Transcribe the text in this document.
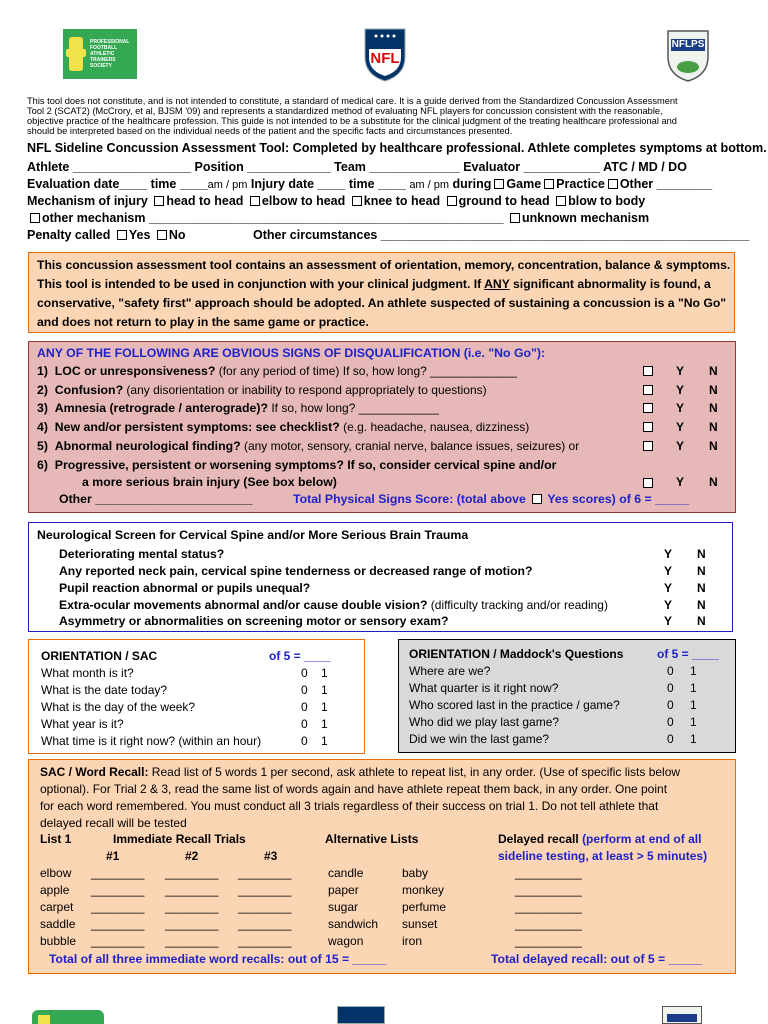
PROFESSIONAL FOOTBALL ATHLETIC TRAINERS SOCIETY	NFL
NFLPS
This tool does not constitute, and is not intended to constitute, a standard of medical care. It is a guide derived from the Standardized Concussion Assessment
Tool 2 (SCAT2) (McCrory, et al, BJSM '09) and represents a standardized method of evaluating NFL players for concussion consistent with the reasonable,
objective practice of the healthcare profession. This guide is not intended to be a substitute for the clinical judgment of the treating healthcare professional and
should be interpreted based on the individual needs of the patient and the specific facts and circumstances presented.
NFL Sideline Concussion Assessment Tool: Completed by healthcare professional. Athlete completes symptoms at bottom.
Athlete _________________ Position ____________ Team _____________ Evaluator ___________ ATC / MD / DO
Evaluation date____ time ____am / pm Injury date ____ time ____ am / pm during Game Practice Other ________
Mechanism of injury head to head elbow to head knee to head ground to head blow to body
other mechanism ___________________________________________________ unknown mechanism
Penalty called Yes No	Other circumstances _____________________________________________________
This concussion assessment tool contains an assessment of orientation, memory, concentration, balance & symptoms.
This tool is intended to be used in conjunction with your clinical judgment. If ANY significant abnormality is found, a
conservative, "safety first" approach should be adopted. An athlete suspected of sustaining a concussion is a "No Go"
and does not return to play in the same game or practice.
ANY OF THE FOLLOWING ARE OBVIOUS SIGNS OF DISQUALIFICATION (i.e. "No Go"):
1) LOC or unresponsiveness? (for any period of time) If so, how long? _____________	Y N
2) Confusion? (any disorientation or inability to respond appropriately to questions)	Y N
3) Amnesia (retrograde / anterograde)? If so, how long? ____________	Y N
4) New and/or persistent symptoms: see checklist? (e.g. headache, nausea, dizziness)	Y N
5) Abnormal neurological finding? (any motor, sensory, cranial nerve, balance issues, seizures) or	Y N
6) Progressive, persistent or worsening symptoms? If so, consider cervical spine and/or
a more serious brain injury (See box below)	Y N
Other _______________________	Total Physical Signs Score: (total above  Yes scores) of 6 = _____
Neurological Screen for Cervical Spine and/or More Serious Brain Trauma
Deteriorating mental status?	Y N
Any reported neck pain, cervical spine tenderness or decreased range of motion?	Y N
Pupil reaction abnormal or pupils unequal?	Y N
Extra-ocular movements abnormal and/or cause double vision? (difficulty tracking and/or reading)	Y N
Asymmetry or abnormalities on screening motor or sensory exam?	Y N
ORIENTATION / SAC	of 5 = ____
What month is it?	0 1
What is the date today?	0 1
What is the day of the week?	0 1
What year is it?	0 1
What time is it right now? (within an hour)	0 1
ORIENTATION / Maddock's Questions	of 5 = ____
Where are we?	0 1
What quarter is it right now?	0 1
Who scored last in the practice / game?	0 1
Who did we play last game?	0 1
Did we win the last game?	0 1
SAC / Word Recall: Read list of 5 words 1 per second, ask athlete to repeat list, in any order. (Use of specific lists below
optional). For Trial 2 & 3, read the same list of words again and have athlete repeat them back, in any order. One point
for each word remembered. You must conduct all 3 trials regardless of their success on trial 1. Do not tell athlete that
delayed recall will be tested
List 1	Immediate Recall Trials
#1	#2	#3
Alternative Lists	Delayed recall (perform at end of all
sideline testing, at least > 5 minutes)
elbow ________ ________ ________	candle	baby	__________
apple ________ ________ ________	paper	monkey	__________
carpet ________ ________ ________	sugar	perfume	__________
saddle ________ ________ ________	sandwich sunset	__________
bubble ________ ________ ________	wagon	iron	__________
Total of all three immediate word recalls: out of 15 = _____	Total delayed recall: out of 5 = _____
